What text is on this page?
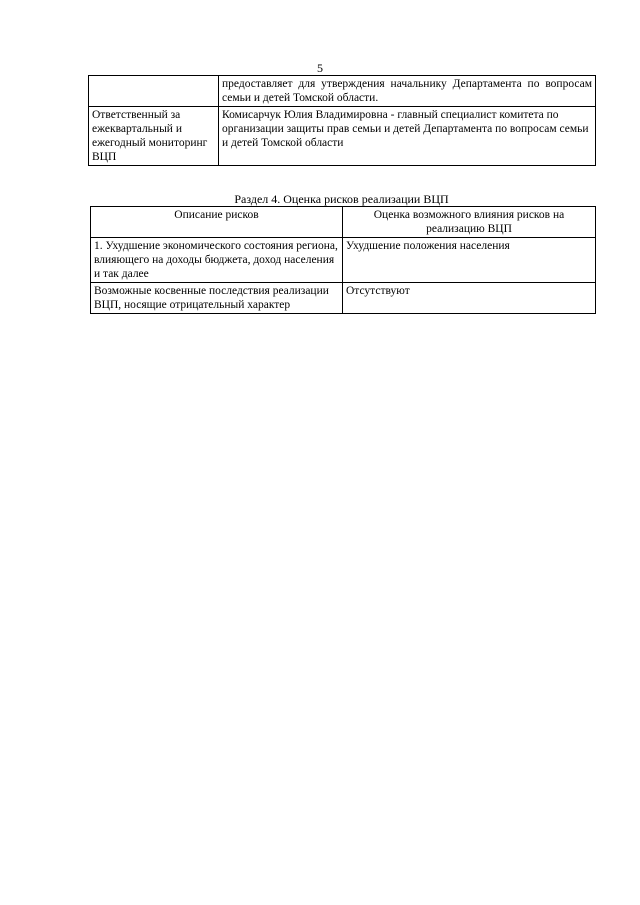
5
	предоставляет для утверждения начальнику Департамента по вопросам семьи и детей Томской области.
Ответственный за ежеквартальный и ежегодный мониторинг ВЦП	Комисарчук Юлия Владимировна - главный специалист комитета по организации защиты прав семьи и детей Департамента по вопросам семьи и детей Томской области
Раздел 4. Оценка рисков реализации ВЦП
Описание рисков	Оценка возможного влияния рисков на реализацию ВЦП
1. Ухудшение экономического состояния региона, влияющего на доходы бюджета, доход населения и так далее	Ухудшение положения населения
Возможные косвенные последствия реализации ВЦП, носящие отрицательный характер	Отсутствуют
